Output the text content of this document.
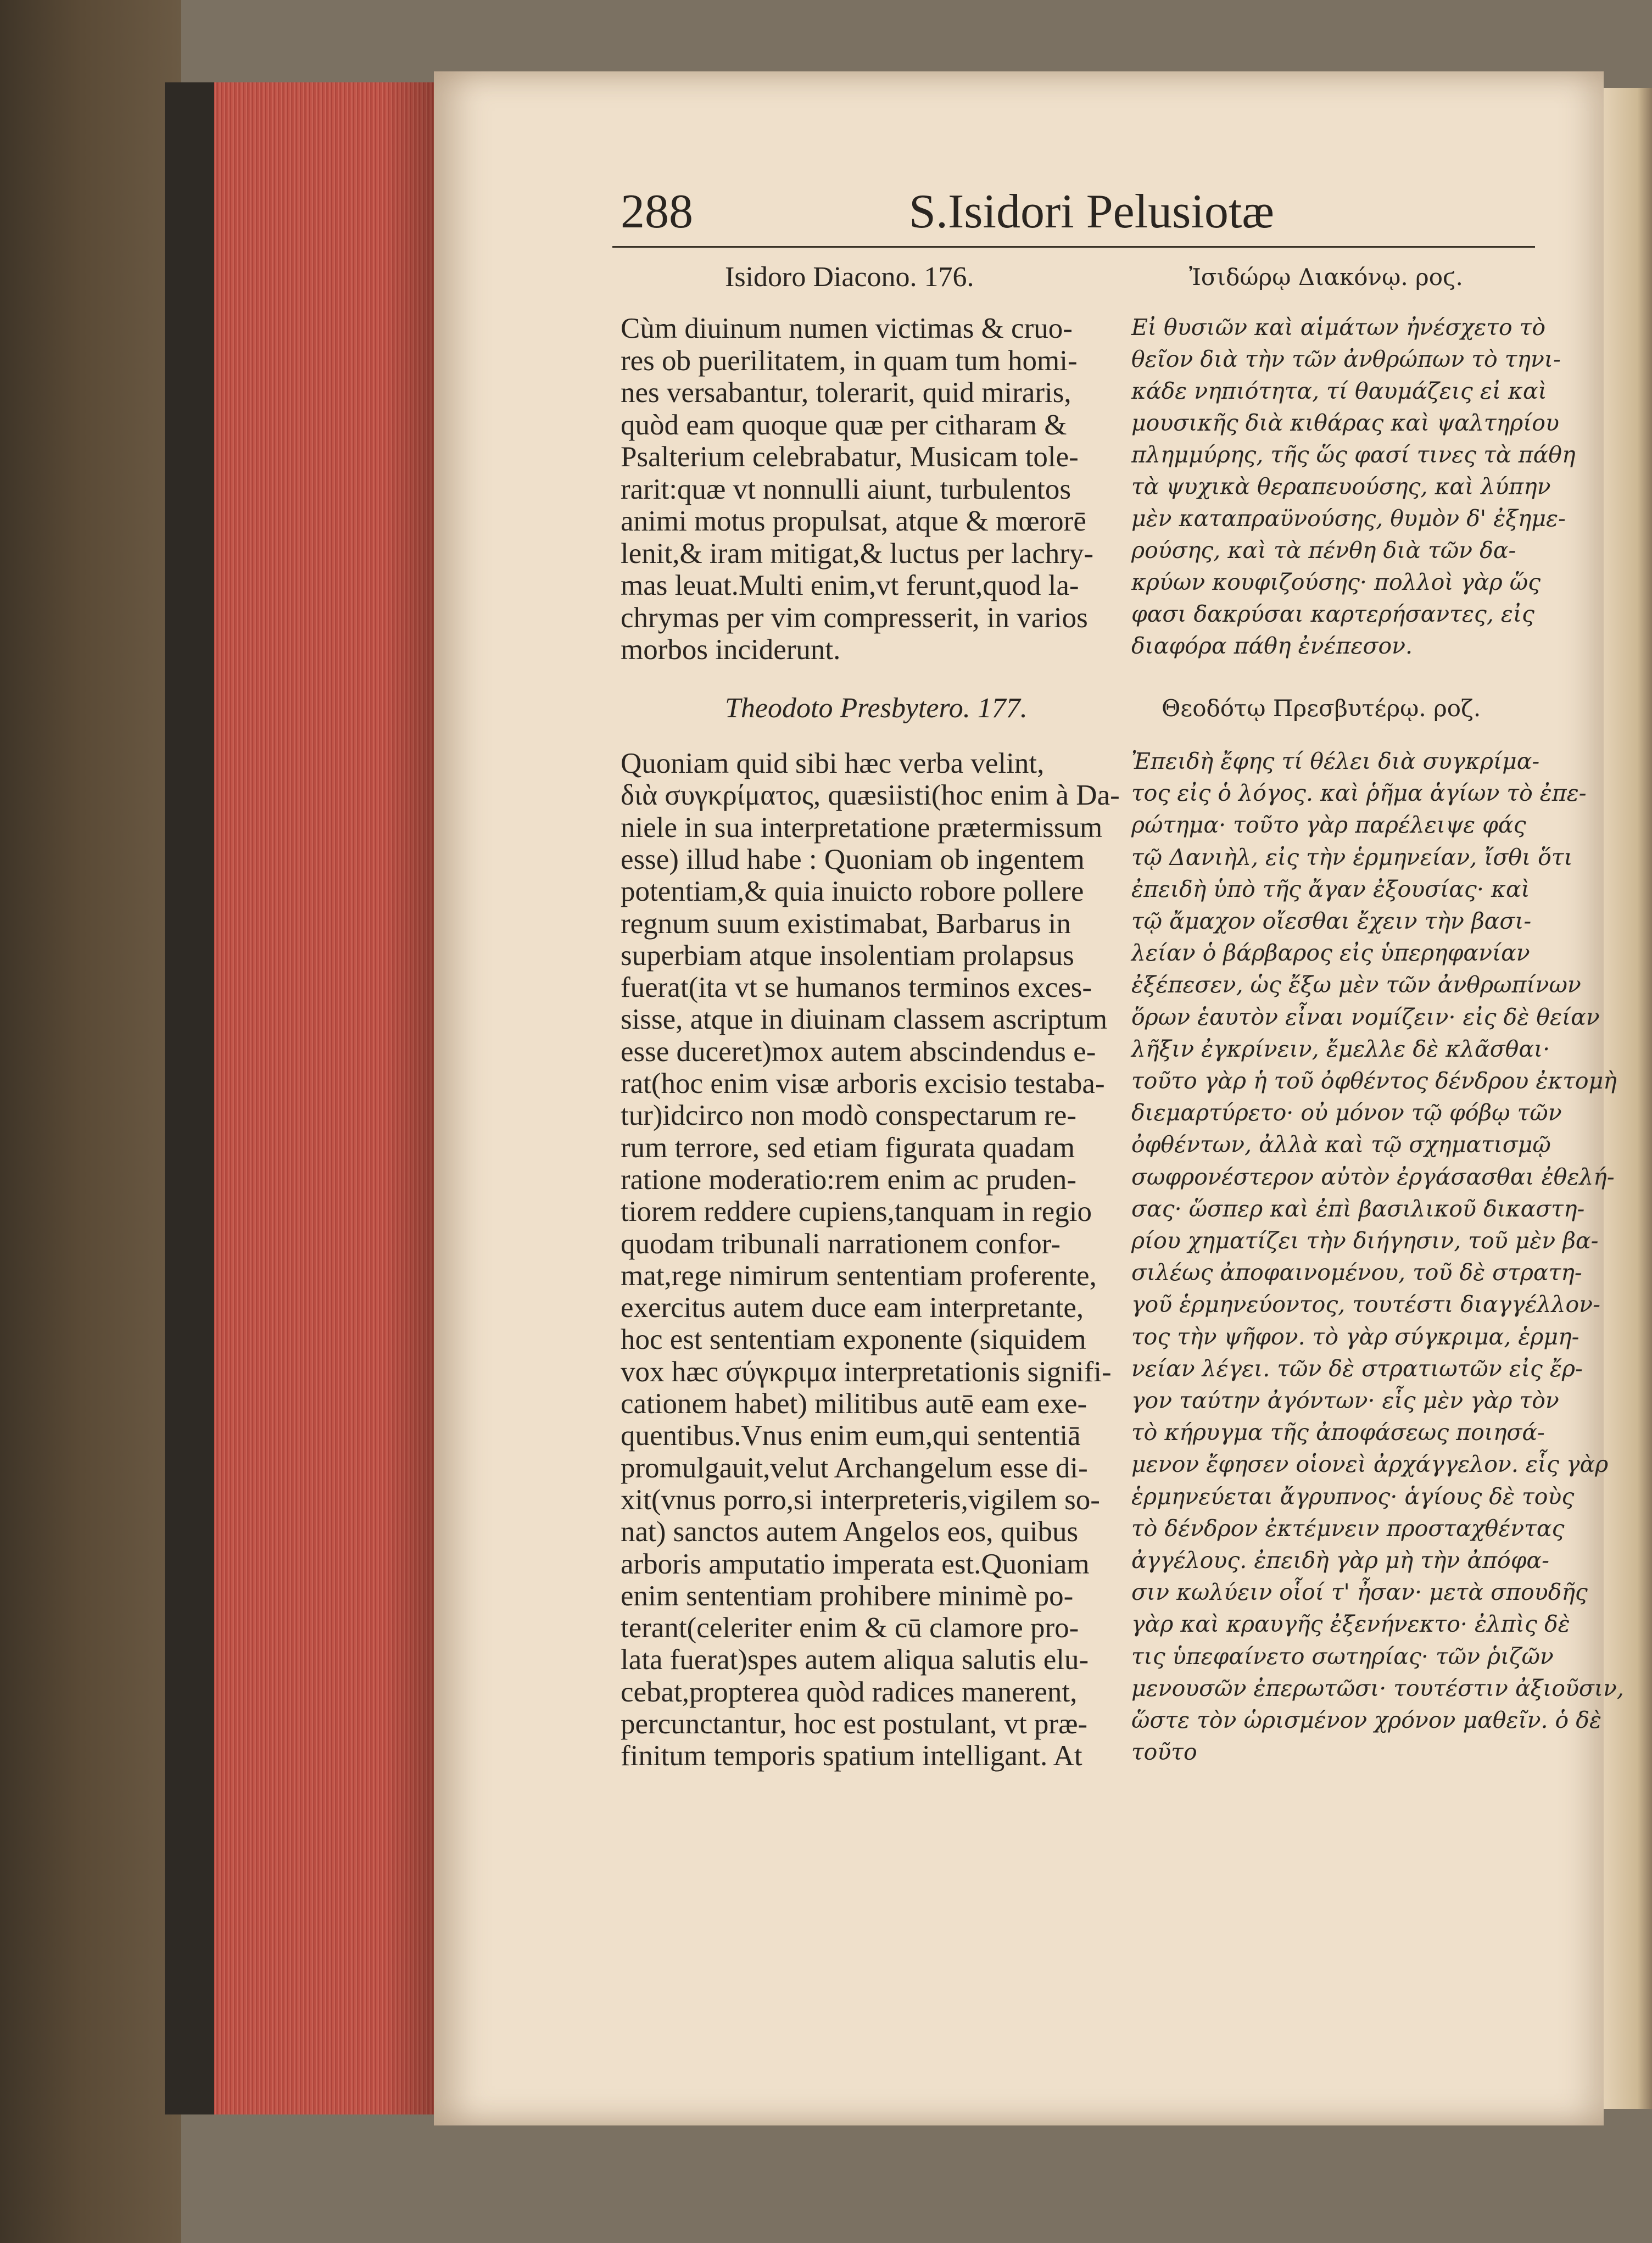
288	S.Isidori Pelusiotæ
Isidoro Diacono. 176.	Ἰσιδώρῳ Διακόνῳ. ροϛ.
Cùm diuinum numen victimas & cruo-
res ob puerilitatem, in quam tum homi-
nes versabantur, tolerarit, quid miraris,
quòd eam quoque quæ per citharam &
Psalterium celebrabatur, Musicam tole-
rarit:quæ vt nonnulli aiunt, turbulentos
animi motus propulsat, atque & mœrorē
lenit,& iram mitigat,& luctus per lachry-
mas leuat.Multi enim,vt ferunt,quod la-
chrymas per vim compresserit, in varios
morbos inciderunt.
Theodoto Presbytero. 177.
Quoniam quid sibi hæc verba velint,
διὰ συγκρίματος, quæsiisti(hoc enim à Da-
niele in sua interpretatione prætermissum
esse) illud habe : Quoniam ob ingentem
potentiam,& quia inuicto robore pollere
regnum suum existimabat, Barbarus in
superbiam atque insolentiam prolapsus
fuerat(ita vt se humanos terminos exces-
sisse, atque in diuinam classem ascriptum
esse duceret)mox autem abscindendus e-
rat(hoc enim visæ arboris excisio testaba-
tur)idcirco non modò conspectarum re-
rum terrore, sed etiam figurata quadam
ratione moderatio:rem enim ac pruden-
tiorem reddere cupiens,tanquam in regio
quodam tribunali narrationem confor-
mat,rege nimirum sententiam proferente,
exercitus autem duce eam interpretante,
hoc est sententiam exponente (siquidem
vox hæc σύγκριμα interpretationis signifi-
cationem habet) militibus autē eam exe-
quentibus.Vnus enim eum,qui sententiā
promulgauit,velut Archangelum esse di-
xit(vnus porro,si interpreteris,vigilem so-
nat) sanctos autem Angelos eos, quibus
arboris amputatio imperata est.Quoniam
enim sententiam prohibere minimè po-
terant(celeriter enim & cū clamore pro-
lata fuerat)spes autem aliqua salutis elu-
cebat,propterea quòd radices manerent,
percunctantur, hoc est postulant, vt præ-
finitum temporis spatium intelligant. At
Εἰ θυσιῶν καὶ αἱμάτων ἠνέσχετο τὸ
θεῖον διὰ τὴν τῶν ἀνθρώπων τὸ τηνι-
κάδε νηπιότητα, τί θαυμάζεις εἰ καὶ
μουσικῆς διὰ κιθάρας καὶ ψαλτηρίου
πλημμύρης, τῆς ὥς φασί τινες τὰ πάθη
τὰ ψυχικὰ θεραπευούσης, καὶ λύπην
μὲν καταπραϋνούσης, θυμὸν δ' ἐξημε-
ρούσης, καὶ τὰ πένθη διὰ τῶν δα-
κρύων κουφιζούσης· πολλοὶ γὰρ ὥς
φασι δακρύσαι καρτερήσαντες, εἰς
διαφόρα πάθη ἐνέπεσον.
Θεοδότῳ Πρεσβυτέρῳ. ροζ.
Ἐπειδὴ ἔφης τί θέλει διὰ συγκρίμα-
τος εἰς ὁ λόγος. καὶ ῥῆμα ἁγίων τὸ ἐπε-
ρώτημα· τοῦτο γὰρ παρέλειψε φάς
τῷ Δανιὴλ, εἰς τὴν ἑρμηνείαν, ἴσθι ὅτι
ἐπειδὴ ὑπὸ τῆς ἄγαν ἐξουσίας· καὶ
τῷ ἄμαχον οἴεσθαι ἔχειν τὴν βασι-
λείαν ὁ βάρβαρος εἰς ὑπερηφανίαν
ἐξέπεσεν, ὡς ἔξω μὲν τῶν ἀνθρωπίνων
ὅρων ἑαυτὸν εἶναι νομίζειν· εἰς δὲ θείαν
λῆξιν ἐγκρίνειν, ἔμελλε δὲ κλᾶσθαι·
τοῦτο γὰρ ἡ τοῦ ὀφθέντος δένδρου ἐκτομὴ
διεμαρτύρετο· οὐ μόνον τῷ φόβῳ τῶν
ὀφθέντων, ἀλλὰ καὶ τῷ σχηματισμῷ
σωφρονέστερον αὐτὸν ἐργάσασθαι ἐθελή-
σας· ὥσπερ καὶ ἐπὶ βασιλικοῦ δικαστη-
ρίου χηματίζει τὴν διήγησιν, τοῦ μὲν βα-
σιλέως ἀποφαινομένου, τοῦ δὲ στρατη-
γοῦ ἑρμηνεύοντος, τουτέστι διαγγέλλον-
τος τὴν ψῆφον. τὸ γὰρ σύγκριμα, ἑρμη-
νείαν λέγει. τῶν δὲ στρατιωτῶν εἰς ἔρ-
γον ταύτην ἀγόντων· εἷς μὲν γὰρ τὸν
τὸ κήρυγμα τῆς ἀποφάσεως ποιησά-
μενον ἔφησεν οἱονεὶ ἀρχάγγελον. εἷς γὰρ
ἑρμηνεύεται ἄγρυπνος· ἁγίους δὲ τοὺς
τὸ δένδρον ἐκτέμνειν προσταχθέντας
ἀγγέλους. ἐπειδὴ γὰρ μὴ τὴν ἀπόφα-
σιν κωλύειν οἷοί τ' ἦσαν· μετὰ σπουδῆς
γὰρ καὶ κραυγῆς ἐξενήνεκτο· ἐλπὶς δὲ
τις ὑπεφαίνετο σωτηρίας· τῶν ῥιζῶν
μενουσῶν ἐπερωτῶσι· τουτέστιν ἀξιοῦσιν,
ὥστε τὸν ὡρισμένον χρόνον μαθεῖν. ὁ δὲ
τοῦτο
